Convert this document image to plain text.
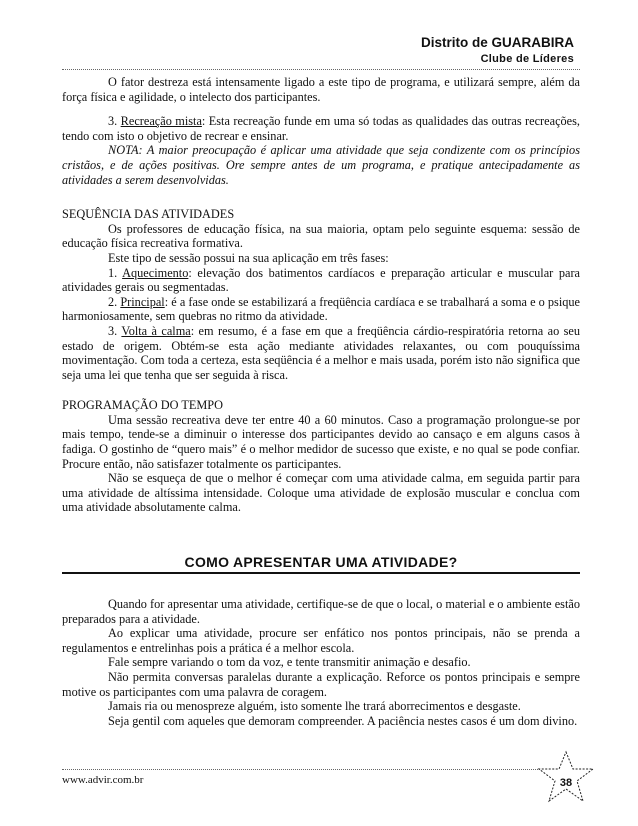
Distrito de GUARABIRA
Clube de Líderes

O fator destreza está intensamente ligado a este tipo de programa, e utilizará sempre, além da força física e agilidade, o intelecto dos participantes.

3. Recreação mista: Esta recreação funde em uma só todas as qualidades das outras recreações, tendo com isto o objetivo de recrear e ensinar.

NOTA: A maior preocupação é aplicar uma atividade que seja condizente com os princípios cristãos, e de ações positivas. Ore sempre antes de um programa, e pratique antecipadamente as atividades a serem desenvolvidas.

SEQUÊNCIA DAS ATIVIDADES

Os professores de educação física, na sua maioria, optam pelo seguinte esquema: sessão de educação física recreativa formativa.

Este tipo de sessão possui na sua aplicação em três fases:

1. Aquecimento: elevação dos batimentos cardíacos e preparação articular e muscular para atividades gerais ou segmentadas.

2. Principal: é a fase onde se estabilizará a freqüência cardíaca e se trabalhará a soma e o psique harmoniosamente, sem quebras no ritmo da atividade.

3. Volta à calma: em resumo, é a fase em que a freqüência cárdio-respiratória retorna ao seu estado de origem. Obtém-se esta ação mediante atividades relaxantes, ou com pouquíssima movimentação. Com toda a certeza, esta seqüência é a melhor e mais usada, porém isto não significa que seja uma lei que tenha que ser seguida à risca.

PROGRAMAÇÃO DO TEMPO

Uma sessão recreativa deve ter entre 40 a 60 minutos. Caso a programação prolongue-se por mais tempo, tende-se a diminuir o interesse dos participantes devido ao cansaço e em alguns casos à fadiga. O gostinho de “quero mais” é o melhor medidor de sucesso que existe, e no qual se pode confiar. Procure então, não satisfazer totalmente os participantes.

Não se esqueça de que o melhor é começar com uma atividade calma, em seguida partir para uma atividade de altíssima intensidade. Coloque uma atividade de explosão muscular e conclua com uma atividade absolutamente calma.

COMO APRESENTAR UMA ATIVIDADE?

Quando for apresentar uma atividade, certifique-se de que o local, o material e o ambiente estão preparados para a atividade.

Ao explicar uma atividade, procure ser enfático nos pontos principais, não se prenda a regulamentos e entrelinhas pois a prática é a melhor escola.

Fale sempre variando o tom da voz, e tente transmitir animação e desafio.

Não permita conversas paralelas durante a explicação. Reforce os pontos principais e sempre motive os participantes com uma palavra de coragem.

Jamais ria ou menospreze alguém, isto somente lhe trará aborrecimentos e desgaste.

Seja gentil com aqueles que demoram compreender. A paciência nestes casos é um dom divino.

www.advir.com.br	38
